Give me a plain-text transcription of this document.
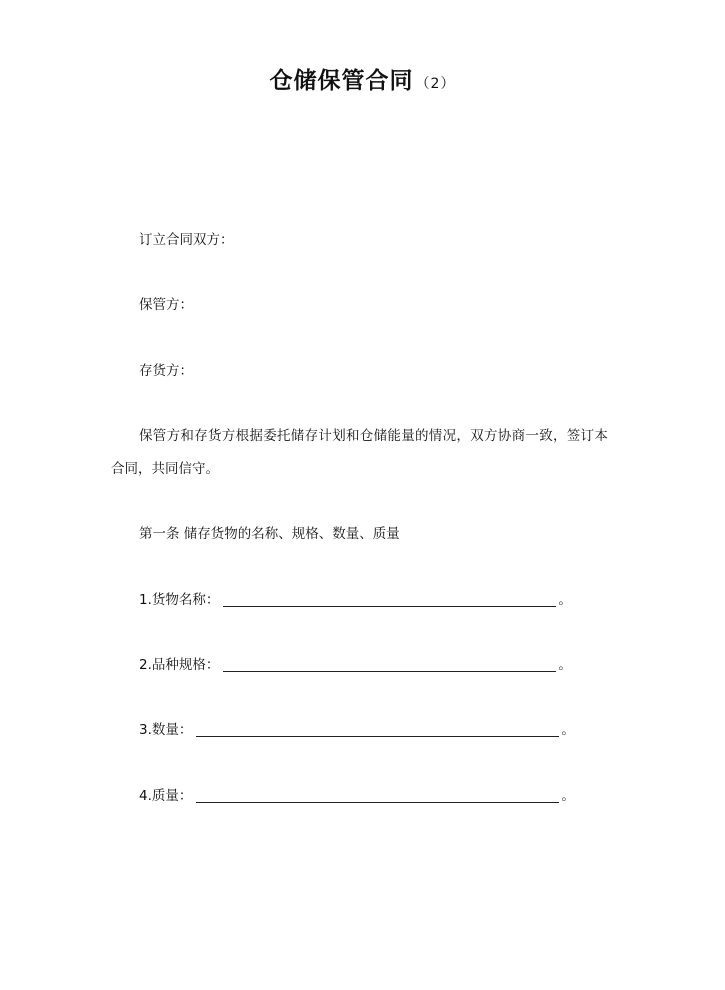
仓储保管合同 （2）
订立合同双方：
保管方：
存货方：
保管方和存货方根据委托储存计划和仓储能量的情况，双方协商一致，签订本
合同，共同信守。
第一条 储存货物的名称、规格、数量、质量
1.货物名称：	。
2.品种规格：	。
3.数量：	。
4.质量：	。
